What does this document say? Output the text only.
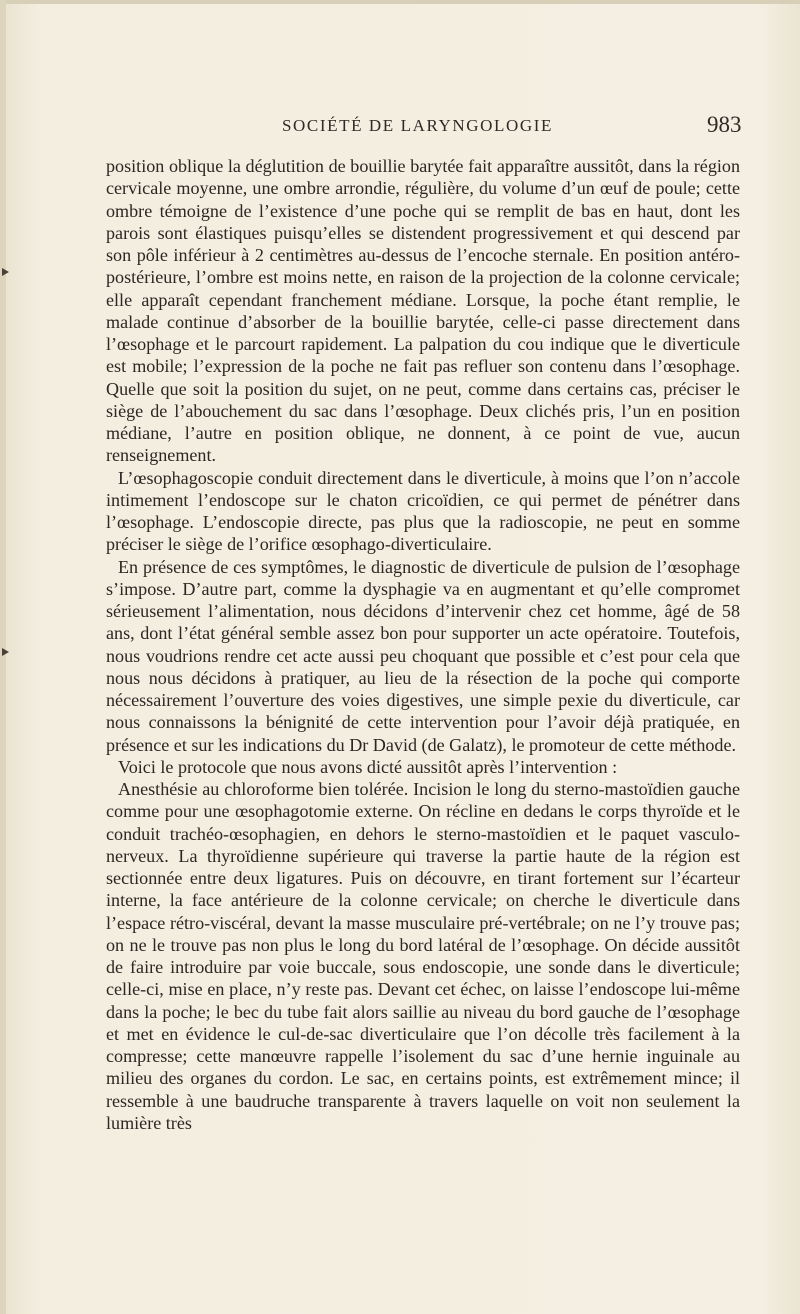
SOCIÉTÉ DE LARYNGOLOGIE	983

position oblique la déglutition de bouillie barytée fait apparaître aussitôt, dans la région cervicale moyenne, une ombre arrondie, régulière, du volume d’un œuf de poule; cette ombre témoigne de l’existence d’une poche qui se remplit de bas en haut, dont les parois sont élastiques puisqu’elles se distendent progressivement et qui descend par son pôle inférieur à 2 centimètres au-dessus de l’encoche sternale. En position antéro-postérieure, l’ombre est moins nette, en raison de la projection de la colonne cervicale; elle apparaît cependant franchement médiane. Lorsque, la poche étant remplie, le malade continue d’absorber de la bouillie barytée, celle-ci passe directement dans l’œsophage et le parcourt rapidement. La palpation du cou indique que le diverticule est mobile; l’expression de la poche ne fait pas refluer son contenu dans l’œsophage. Quelle que soit la position du sujet, on ne peut, comme dans certains cas, préciser le siège de l’abouchement du sac dans l’œsophage. Deux clichés pris, l’un en position médiane, l’autre en position oblique, ne donnent, à ce point de vue, aucun renseignement.

L’œsophagoscopie conduit directement dans le diverticule, à moins que l’on n’accole intimement l’endoscope sur le chaton cricoïdien, ce qui permet de pénétrer dans l’œsophage. L’endoscopie directe, pas plus que la radioscopie, ne peut en somme préciser le siège de l’orifice œsophago-diverticulaire.

En présence de ces symptômes, le diagnostic de diverticule de pulsion de l’œsophage s’impose. D’autre part, comme la dysphagie va en augmentant et qu’elle compromet sérieusement l’alimentation, nous décidons d’intervenir chez cet homme, âgé de 58 ans, dont l’état général semble assez bon pour supporter un acte opératoire. Toutefois, nous voudrions rendre cet acte aussi peu choquant que possible et c’est pour cela que nous nous décidons à pratiquer, au lieu de la résection de la poche qui comporte nécessairement l’ouverture des voies digestives, une simple pexie du diverticule, car nous connaissons la bénignité de cette intervention pour l’avoir déjà pratiquée, en présence et sur les indications du Dr David (de Galatz), le promoteur de cette méthode.

Voici le protocole que nous avons dicté aussitôt après l’intervention :

Anesthésie au chloroforme bien tolérée. Incision le long du sterno-mastoïdien gauche comme pour une œsophagotomie externe. On récline en dedans le corps thyroïde et le conduit trachéo-œsophagien, en dehors le sterno-mastoïdien et le paquet vasculo-nerveux. La thyroïdienne supérieure qui traverse la partie haute de la région est sectionnée entre deux ligatures. Puis on découvre, en tirant fortement sur l’écarteur interne, la face antérieure de la colonne cervicale; on cherche le diverticule dans l’espace rétro-viscéral, devant la masse musculaire pré-vertébrale; on ne l’y trouve pas; on ne le trouve pas non plus le long du bord latéral de l’œsophage. On décide aussitôt de faire introduire par voie buccale, sous endoscopie, une sonde dans le diverticule; celle-ci, mise en place, n’y reste pas. Devant cet échec, on laisse l’endoscope lui-même dans la poche; le bec du tube fait alors saillie au niveau du bord gauche de l’œsophage et met en évidence le cul-de-sac diverticulaire que l’on décolle très facilement à la compresse; cette manœuvre rappelle l’isolement du sac d’une hernie inguinale au milieu des organes du cordon. Le sac, en certains points, est extrêmement mince; il ressemble à une baudruche transparente à travers laquelle on voit non seulement la lumière très
